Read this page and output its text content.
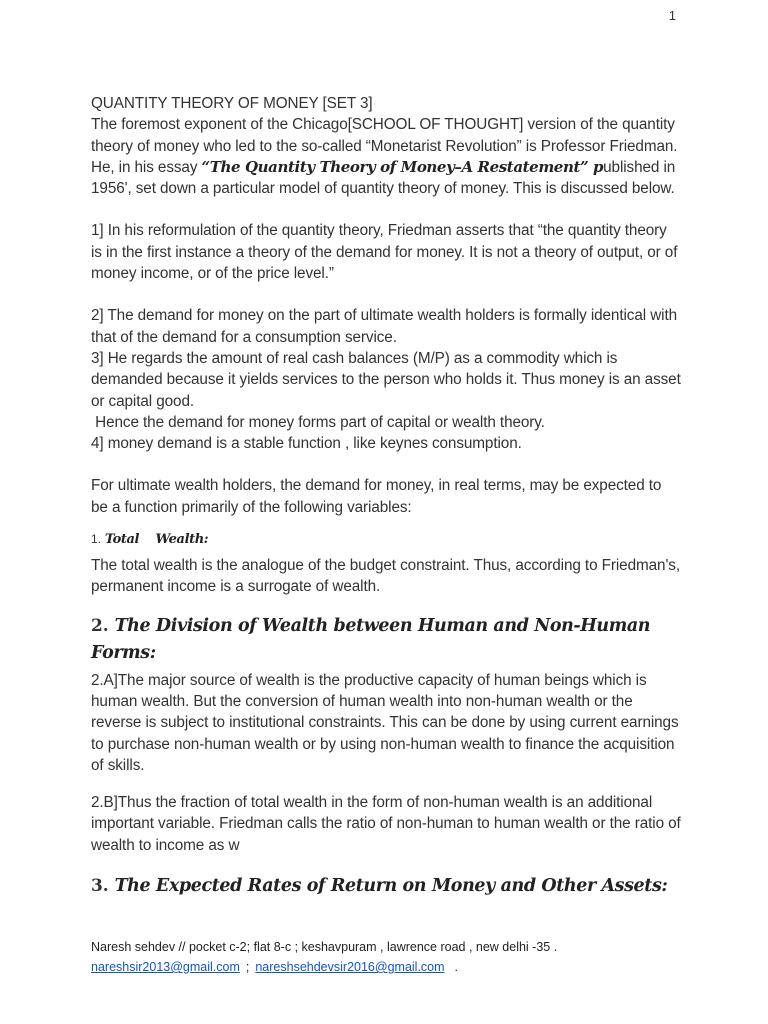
1

QUANTITY THEORY OF MONEY [SET 3]

The foremost exponent of the Chicago[SCHOOL OF THOUGHT] version of the quantity theory of money who led to the so-called “Monetarist Revolution” is Professor Friedman. He, in his essay “The Quantity Theory of Money–A Restatement” published in 1956', set down a particular model of quantity theory of money. This is discussed below.

1] In his reformulation of the quantity theory, Friedman asserts that “the quantity theory is in the first instance a theory of the demand for money. It is not a theory of output, or of money income, or of the price level.”

2] The demand for money on the part of ultimate wealth holders is formally identical with that of the demand for a consumption service.

3] He regards the amount of real cash balances (M/P) as a commodity which is demanded because it yields services to the person who holds it. Thus money is an asset or capital good.

Hence the demand for money forms part of capital or wealth theory.

4] money demand is a stable function , like keynes consumption.

For ultimate wealth holders, the demand for money, in real terms, may be expected to be a function primarily of the following variables:

1. Total    Wealth:

The total wealth is the analogue of the budget constraint. Thus, according to Friedman's, permanent income is a surrogate of wealth.

2. The Division of Wealth between Human and Non-Human Forms:

2.A]The major source of wealth is the productive capacity of human beings which is human wealth. But the conversion of human wealth into non-human wealth or the reverse is subject to institutional constraints. This can be done by using current earnings to purchase non-human wealth or by using non-human wealth to finance the acquisition of skills.

2.B]Thus the fraction of total wealth in the form of non-human wealth is an additional important variable. Friedman calls the ratio of non-human to human wealth or the ratio of wealth to income as w

3. The Expected Rates of Return on Money and Other Assets:

Naresh sehdev // pocket c-2; flat 8-c ; keshavpuram , lawrence road , new delhi -35 .
nareshsir2013@gmail.com ; nareshsehdevsir2016@gmail.com .
